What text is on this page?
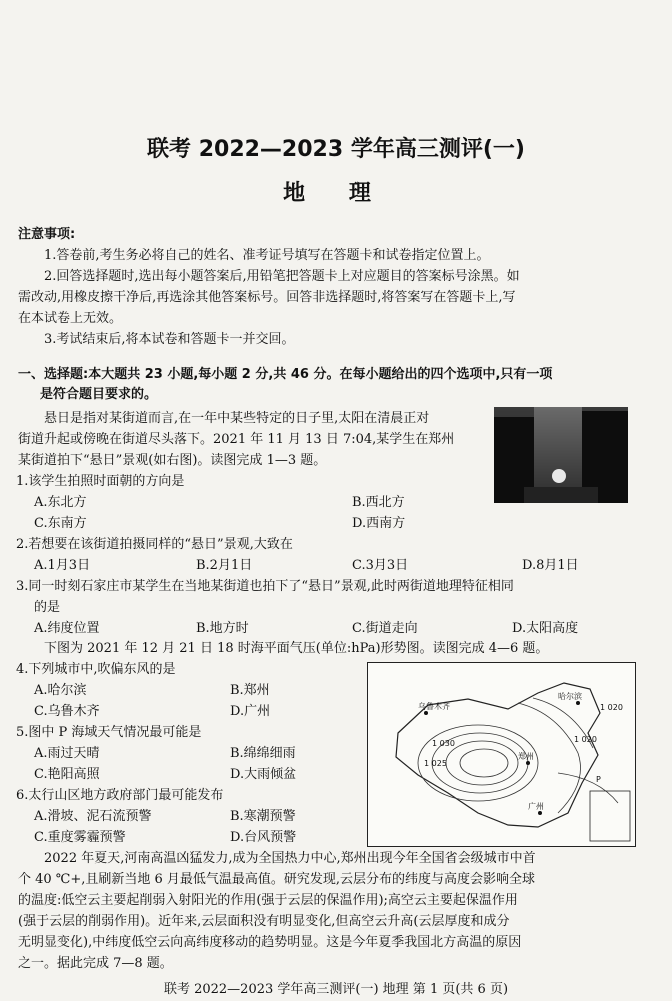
联考 2022—2023 学年高三测评(一)
地 理
注意事项:
1.答卷前,考生务必将自己的姓名、准考证号填写在答题卡和试卷指定位置上。
2.回答选择题时,选出每小题答案后,用铅笔把答题卡上对应题目的答案标号涂黑。如
需改动,用橡皮擦干净后,再选涂其他答案标号。回答非选择题时,将答案写在答题卡上,写
在本试卷上无效。
3.考试结束后,将本试卷和答题卡一并交回。
一、选择题:本大题共 23 小题,每小题 2 分,共 46 分。在每小题给出的四个选项中,只有一项
是符合题目要求的。
悬日是指对某街道而言,在一年中某些特定的日子里,太阳在清晨正对
街道升起或傍晚在街道尽头落下。2021 年 11 月 13 日 7:04,某学生在郑州
某街道拍下“悬日”景观(如右图)。读图完成 1—3 题。
1.该学生拍照时面朝的方向是
A.东北方	B.西北方
C.东南方	D.西南方
2.若想要在该街道拍摄同样的“悬日”景观,大致在
A.1月3日	B.2月1日	C.3月3日	D.8月1日
3.同一时刻石家庄市某学生在当地某街道也拍下了“悬日”景观,此时两街道地理特征相同
的是
A.纬度位置	B.地方时	C.街道走向	D.太阳高度
下图为 2021 年 12 月 21 日 18 时海平面气压(单位:hPa)形势图。读图完成 4—6 题。
4.下列城市中,吹偏东风的是
A.哈尔滨	B.郑州
C.乌鲁木齐	D.广州
5.图中 P 海域天气情况最可能是
A.雨过天晴	B.绵绵细雨
C.艳阳高照	D.大雨倾盆
6.太行山区地方政府部门最可能发布
A.滑坡、泥石流预警	B.寒潮预警
C.重度雾霾预警	D.台风预警
乌鲁木齐
哈尔滨
郑州
广州
P
1 020
1 025
1 030	1 020
2022 年夏天,河南高温凶猛发力,成为全国热力中心,郑州出现今年全国省会级城市中首
个 40 ℃+,且刷新当地 6 月最低气温最高值。研究发现,云层分布的纬度与高度会影响全球
的温度:低空云主要起削弱入射阳光的作用(强于云层的保温作用);高空云主要起保温作用
(强于云层的削弱作用)。近年来,云层面积没有明显变化,但高空云升高(云层厚度和成分
无明显变化),中纬度低空云向高纬度移动的趋势明显。这是今年夏季我国北方高温的原因
之一。据此完成 7—8 题。
联考 2022—2023 学年高三测评(一) 地理 第 1 页(共 6 页)
